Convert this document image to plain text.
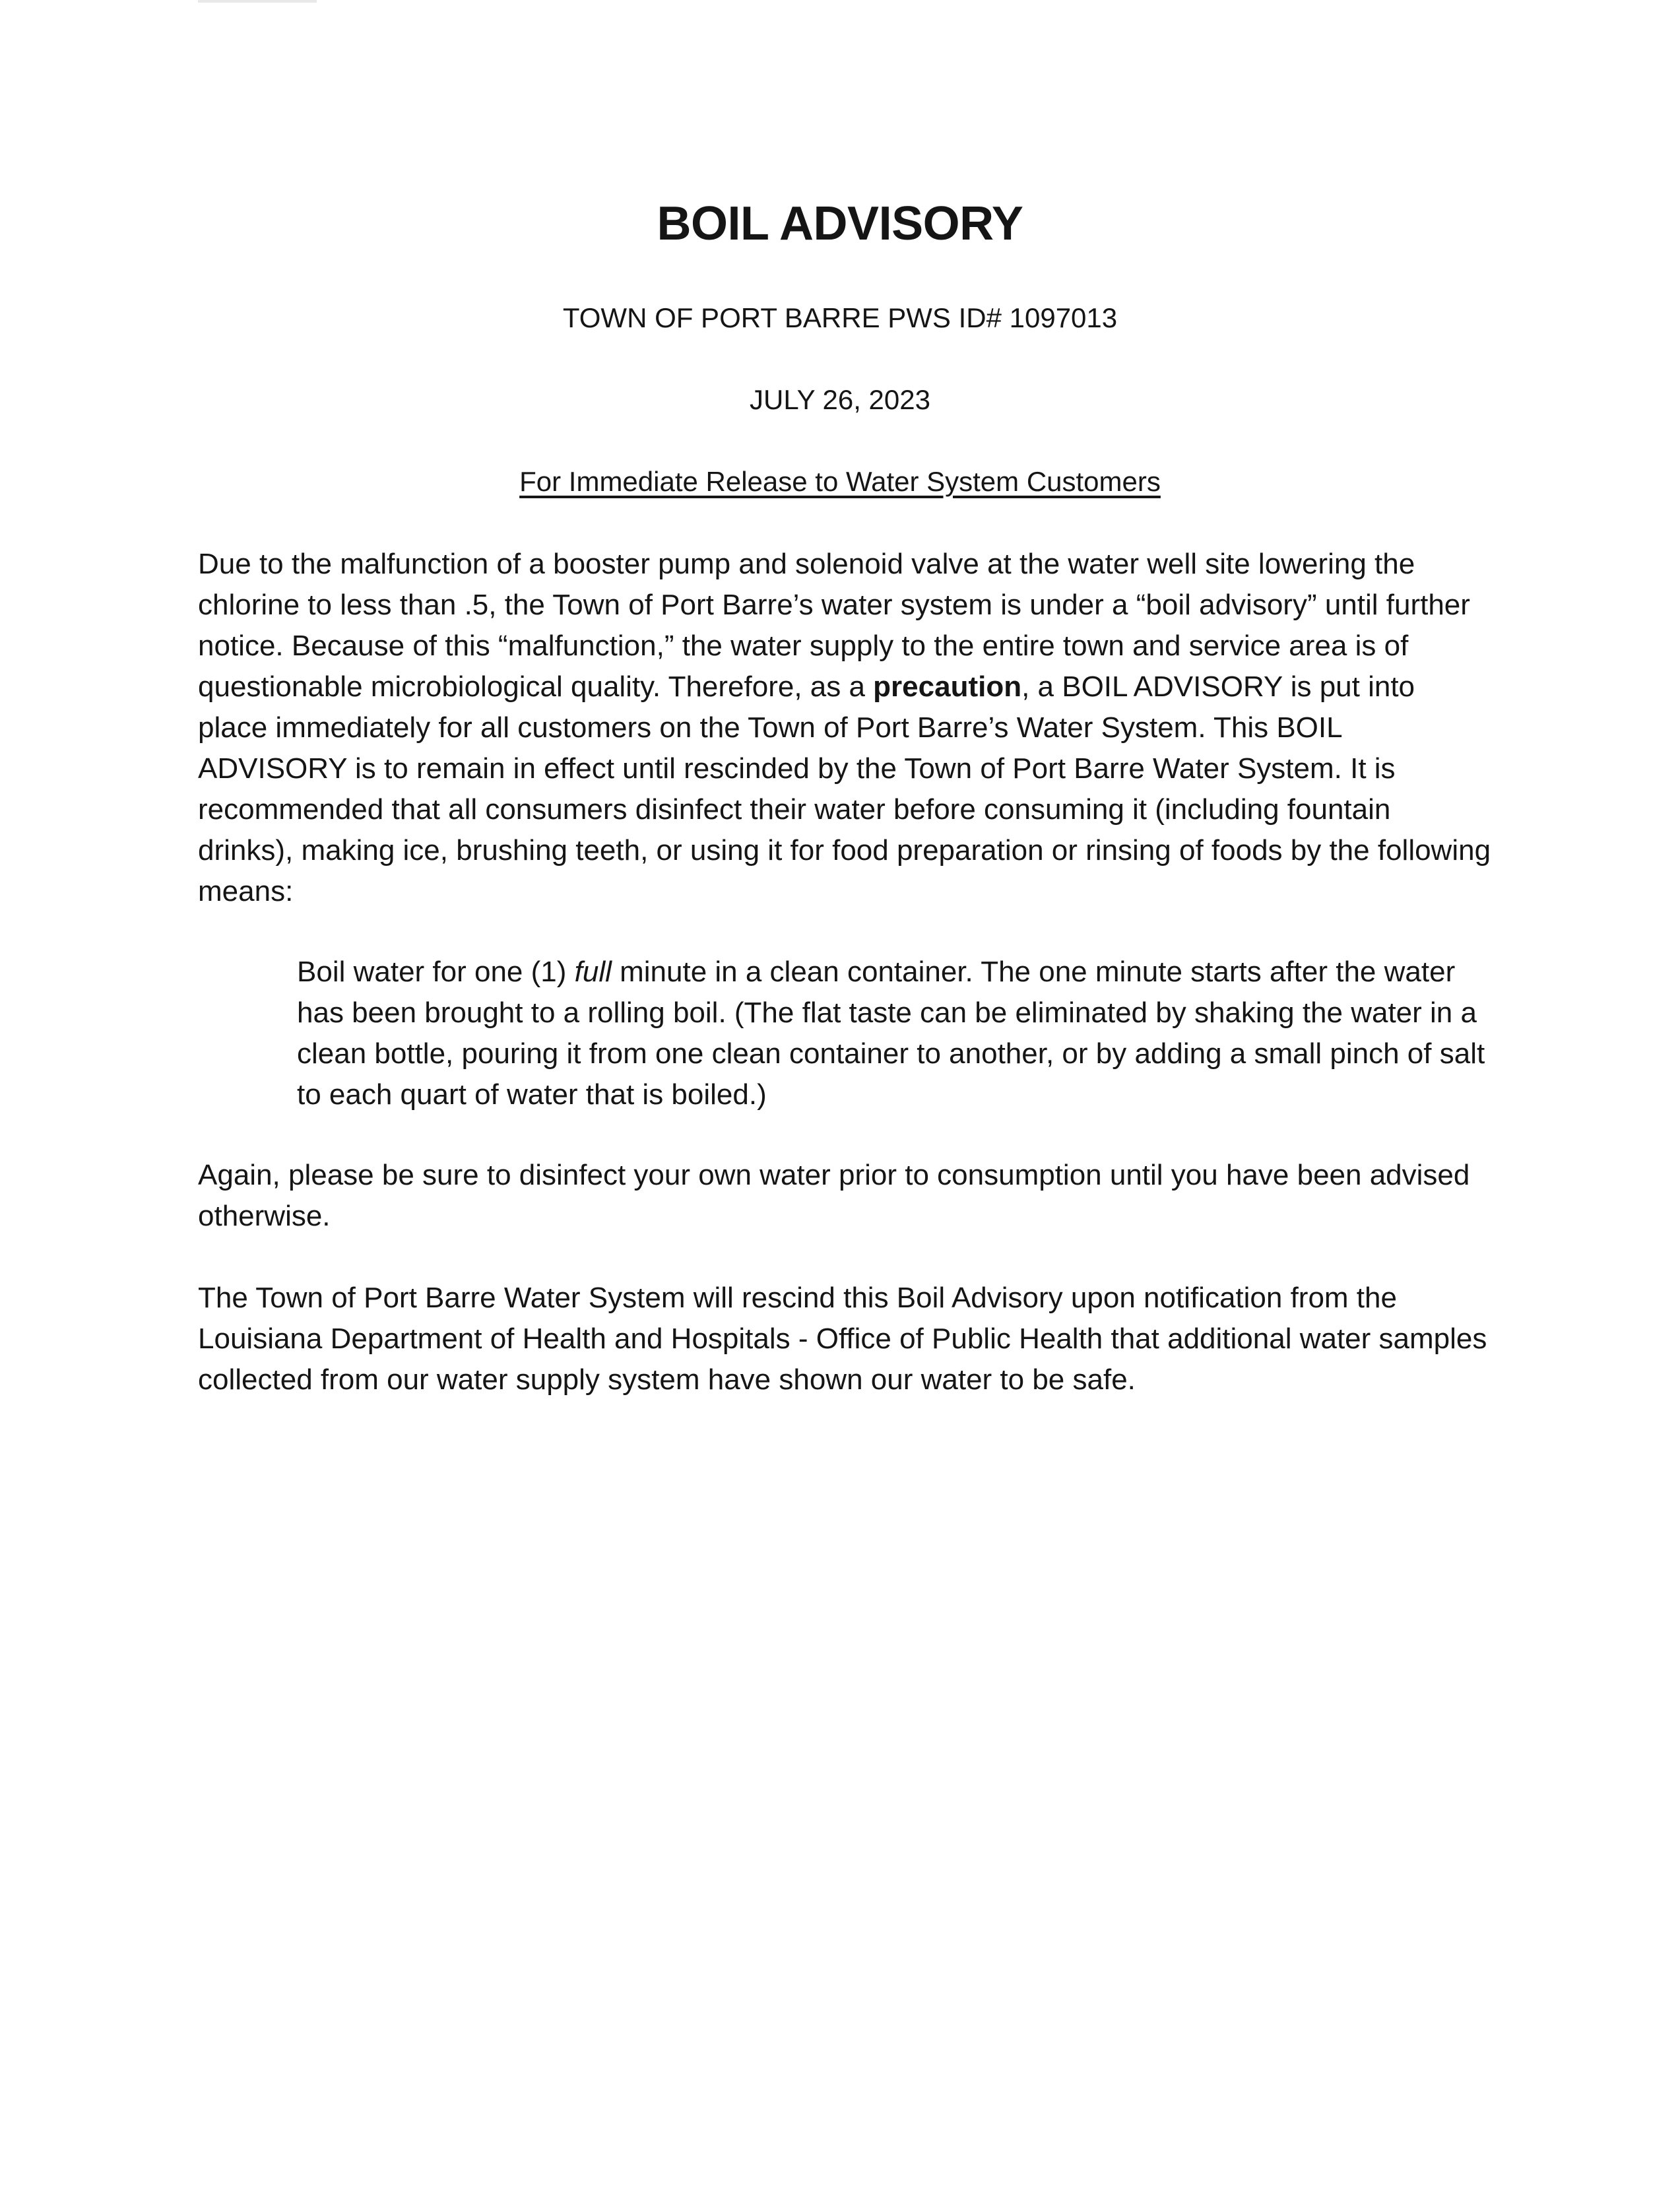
BOIL ADVISORY

TOWN OF PORT BARRE PWS ID# 1097013

JULY 26, 2023

For Immediate Release to Water System Customers

Due to the malfunction of a booster pump and solenoid valve at the water well site lowering the chlorine to less than .5, the Town of Port Barre’s water system is under a “boil advisory” until further notice. Because of this “malfunction,” the water supply to the entire town and service area is of questionable microbiological quality. Therefore, as a precaution, a BOIL ADVISORY is put into place immediately for all customers on the Town of Port Barre’s Water System. This BOIL ADVISORY is to remain in effect until rescinded by the Town of Port Barre Water System. It is recommended that all consumers disinfect their water before consuming it (including fountain drinks), making ice, brushing teeth, or using it for food preparation or rinsing of foods by the following means:

Boil water for one (1) full minute in a clean container. The one minute starts after the water has been brought to a rolling boil. (The flat taste can be eliminated by shaking the water in a clean bottle, pouring it from one clean container to another, or by adding a small pinch of salt to each quart of water that is boiled.)

Again, please be sure to disinfect your own water prior to consumption until you have been advised otherwise.

The Town of Port Barre Water System will rescind this Boil Advisory upon notification from the Louisiana Department of Health and Hospitals - Office of Public Health that additional water samples collected from our water supply system have shown our water to be safe.
